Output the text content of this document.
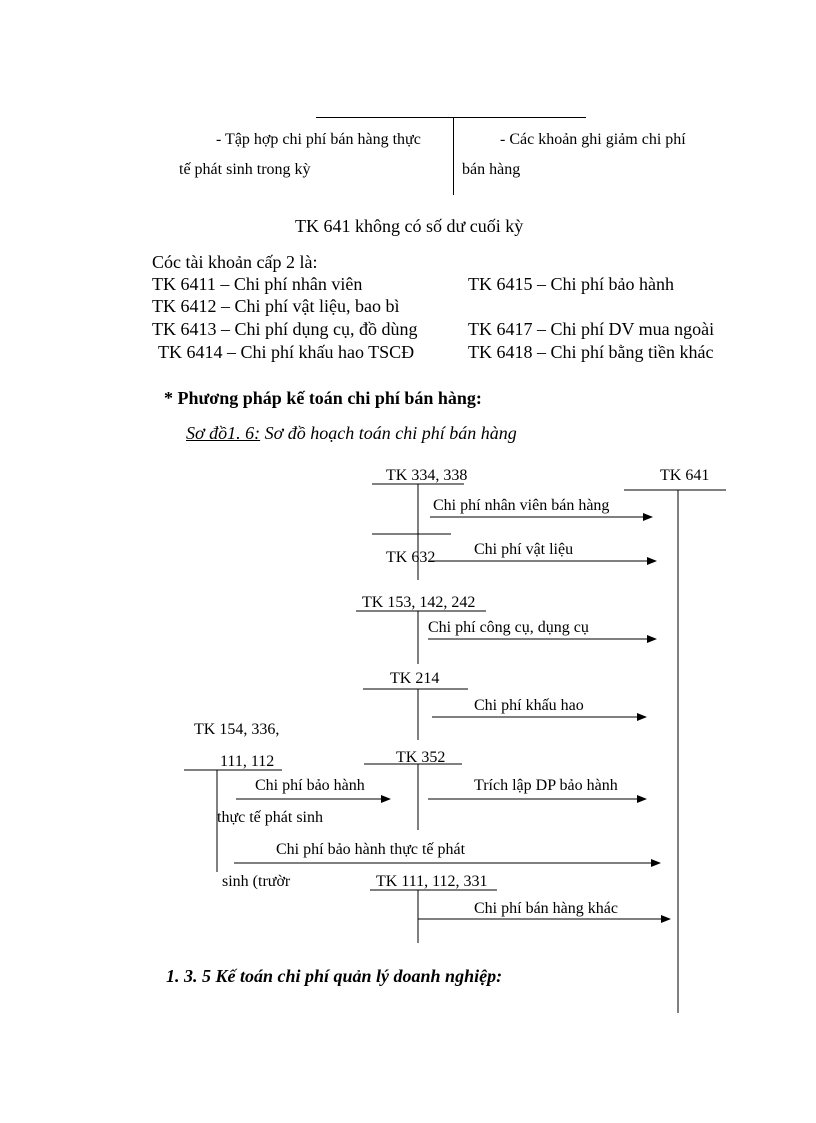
- Tập hợp chi phí bán hàng thực
tế phát sinh trong kỳ
- Các khoản ghi giảm chi phí
bán hàng
TK 641 không có số dư cuối kỳ
Cóc tài khoản cấp 2 là:
TK 6411 – Chi phí nhân viên	TK 6415 – Chi phí bảo hành
TK 6412 – Chi phí vật liệu, bao bì
TK 6413 – Chi phí dụng cụ, đồ dùng	TK 6417 – Chi phí DV mua ngoài
TK 6414 – Chi phí khấu hao TSCĐ	TK 6418 – Chi phí bằng tiền khác
* Phương pháp kế toán chi phí bán hàng:
Sơ đồ1. 6: Sơ đồ hoạch toán chi phí bán hàng
TK 334, 338	TK 641
Chi phí nhân viên bán hàng
TK 632 Chi phí vật liệu
TK 153, 142, 242
Chi phí công cụ, dụng cụ
TK 214
Chi phí khấu hao
TK 154, 336,
111, 112	TK 352
Chi phí bảo hành
thực tế phát sinh
Trích lập DP bảo hành
Chi phí bảo hành thực tế phát
sinh (trườr	TK 111, 112, 331
Chi phí bán hàng khác
1. 3. 5 Kế toán chi phí quản lý doanh nghiệp:
